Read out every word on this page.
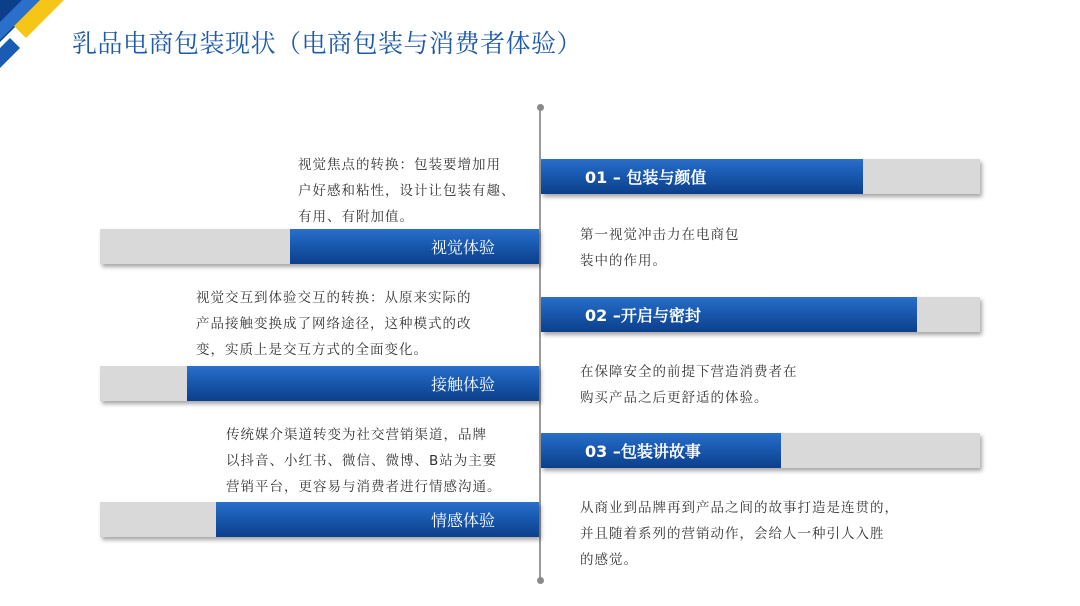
乳品电商包装现状（电商包装与消费者体验）
视觉焦点的转换：包装要增加用
户好感和粘性，设计让包装有趣、
有用、有附加值。
视觉体验
视觉交互到体验交互的转换：从原来实际的
产品接触变换成了网络途径，这种模式的改
变，实质上是交互方式的全面变化。
接触体验
传统媒介渠道转变为社交营销渠道，品牌
以抖音、小红书、微信、微博、B站为主要
营销平台，更容易与消费者进行情感沟通。
情感体验
01 – 包装与颜值
第一视觉冲击力在电商包
装中的作用。
02 –开启与密封
在保障安全的前提下营造消费者在
购买产品之后更舒适的体验。
03 –包装讲故事
从商业到品牌再到产品之间的故事打造是连贯的，
并且随着系列的营销动作，会给人一种引人入胜
的感觉。
